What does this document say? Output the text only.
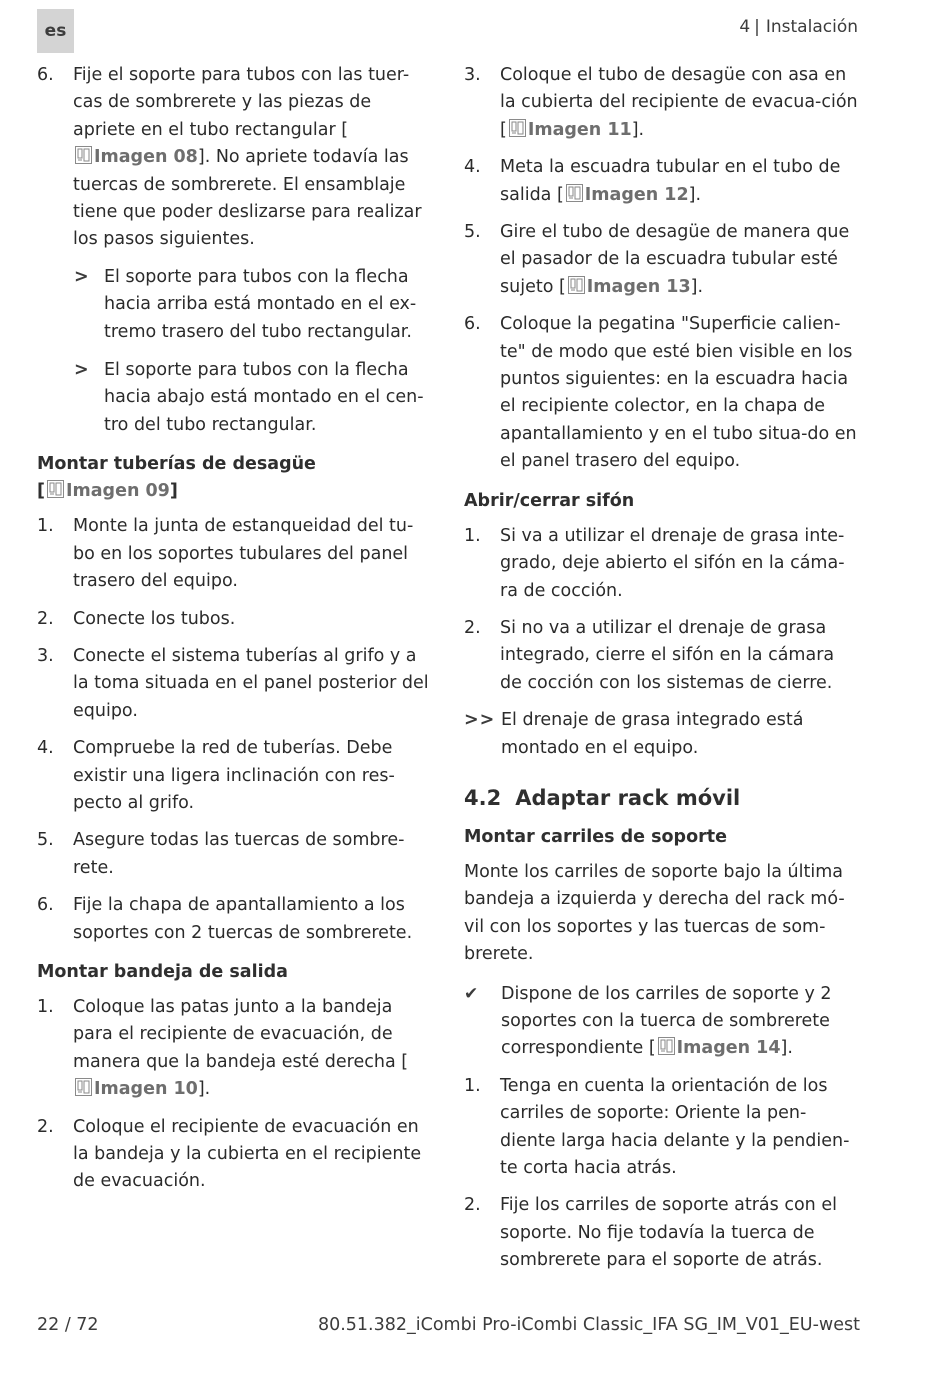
es	4 | Instalación
6.	Fije el soporte para tubos con las tuer-cas de sombrerete y las piezas de apriete en el tubo rectangular [Imagen 08]. No apriete todavía las tuercas de sombrerete. El ensamblaje tiene que poder deslizarse para realizar los pasos siguientes.
> El soporte para tubos con la flecha hacia arriba está montado en el ex-tremo trasero del tubo rectangular.
> El soporte para tubos con la flecha hacia abajo está montado en el cen-tro del tubo rectangular.
Montar tuberías de desagüe
[ Imagen 09]
1.	Monte la junta de estanqueidad del tu-bo en los soportes tubulares del panel trasero del equipo.
2.	Conecte los tubos.
3.	Conecte el sistema tuberías al grifo y a la toma situada en el panel posterior del equipo.
4.	Compruebe la red de tuberías. Debe existir una ligera inclinación con res-pecto al grifo.
5.	Asegure todas las tuercas de sombre-rete.
6.	Fije la chapa de apantallamiento a los soportes con 2 tuercas de sombrerete.
Montar bandeja de salida
1.	Coloque las patas junto a la bandeja para el recipiente de evacuación, de manera que la bandeja esté derecha [Imagen 10].
2.	Coloque el recipiente de evacuación en la bandeja y la cubierta en el recipiente de evacuación.
3.	Coloque el tubo de desagüe con asa en la cubierta del recipiente de evacua-ción [ Imagen 11].
4.	Meta la escuadra tubular en el tubo de salida [ Imagen 12].
5.	Gire el tubo de desagüe de manera que el pasador de la escuadra tubular esté sujeto [ Imagen 13].
6.	Coloque la pegatina "Superficie calien-te" de modo que esté bien visible en los puntos siguientes: en la escuadra hacia el recipiente colector, en la chapa de apantallamiento y en el tubo situa-do en el panel trasero del equipo.
Abrir/cerrar sifón
1.	Si va a utilizar el drenaje de grasa inte-grado, deje abierto el sifón en la cáma-ra de cocción.
2.	Si no va a utilizar el drenaje de grasa integrado, cierre el sifón en la cámara de cocción con los sistemas de cierre.
>> El drenaje de grasa integrado está montado en el equipo.
4.2 Adaptar rack móvil
Montar carriles de soporte
Monte los carriles de soporte bajo la última bandeja a izquierda y derecha del rack mó-vil con los soportes y las tuercas de som-brerete.
✔	Dispone de los carriles de soporte y 2 soportes con la tuerca de sombrerete correspondiente [ Imagen 14].
1.	Tenga en cuenta la orientación de los carriles de soporte: Oriente la pen-diente larga hacia delante y la pendien-te corta hacia atrás.
2.	Fije los carriles de soporte atrás con el soporte. No fije todavía la tuerca de sombrerete para el soporte de atrás.
22 / 72	80.51.382_iCombi Pro-iCombi Classic_IFA SG_IM_V01_EU-west
